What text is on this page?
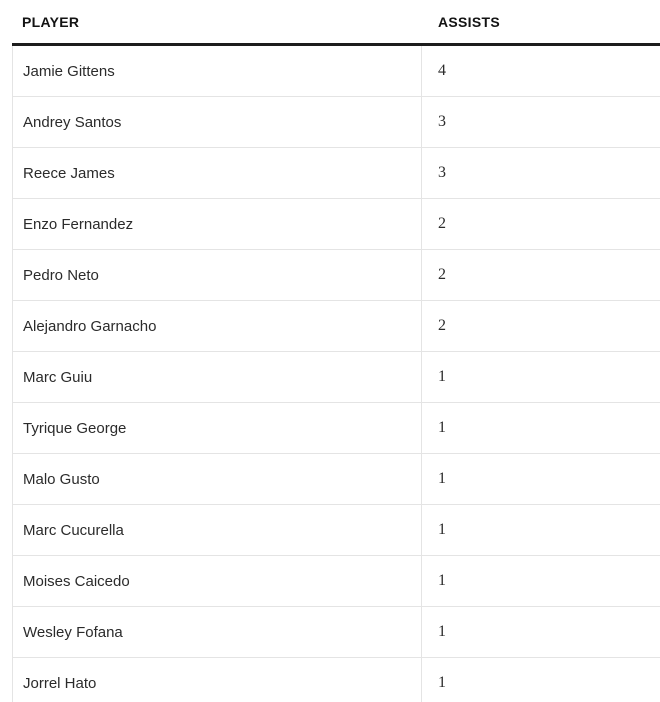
PLAYER	ASSISTS
Jamie Gittens	4
Andrey Santos	3
Reece James	3
Enzo Fernandez	2
Pedro Neto	2
Alejandro Garnacho	2
Marc Guiu	1
Tyrique George	1
Malo Gusto	1
Marc Cucurella	1
Moises Caicedo	1
Wesley Fofana	1
Jorrel Hato	1
